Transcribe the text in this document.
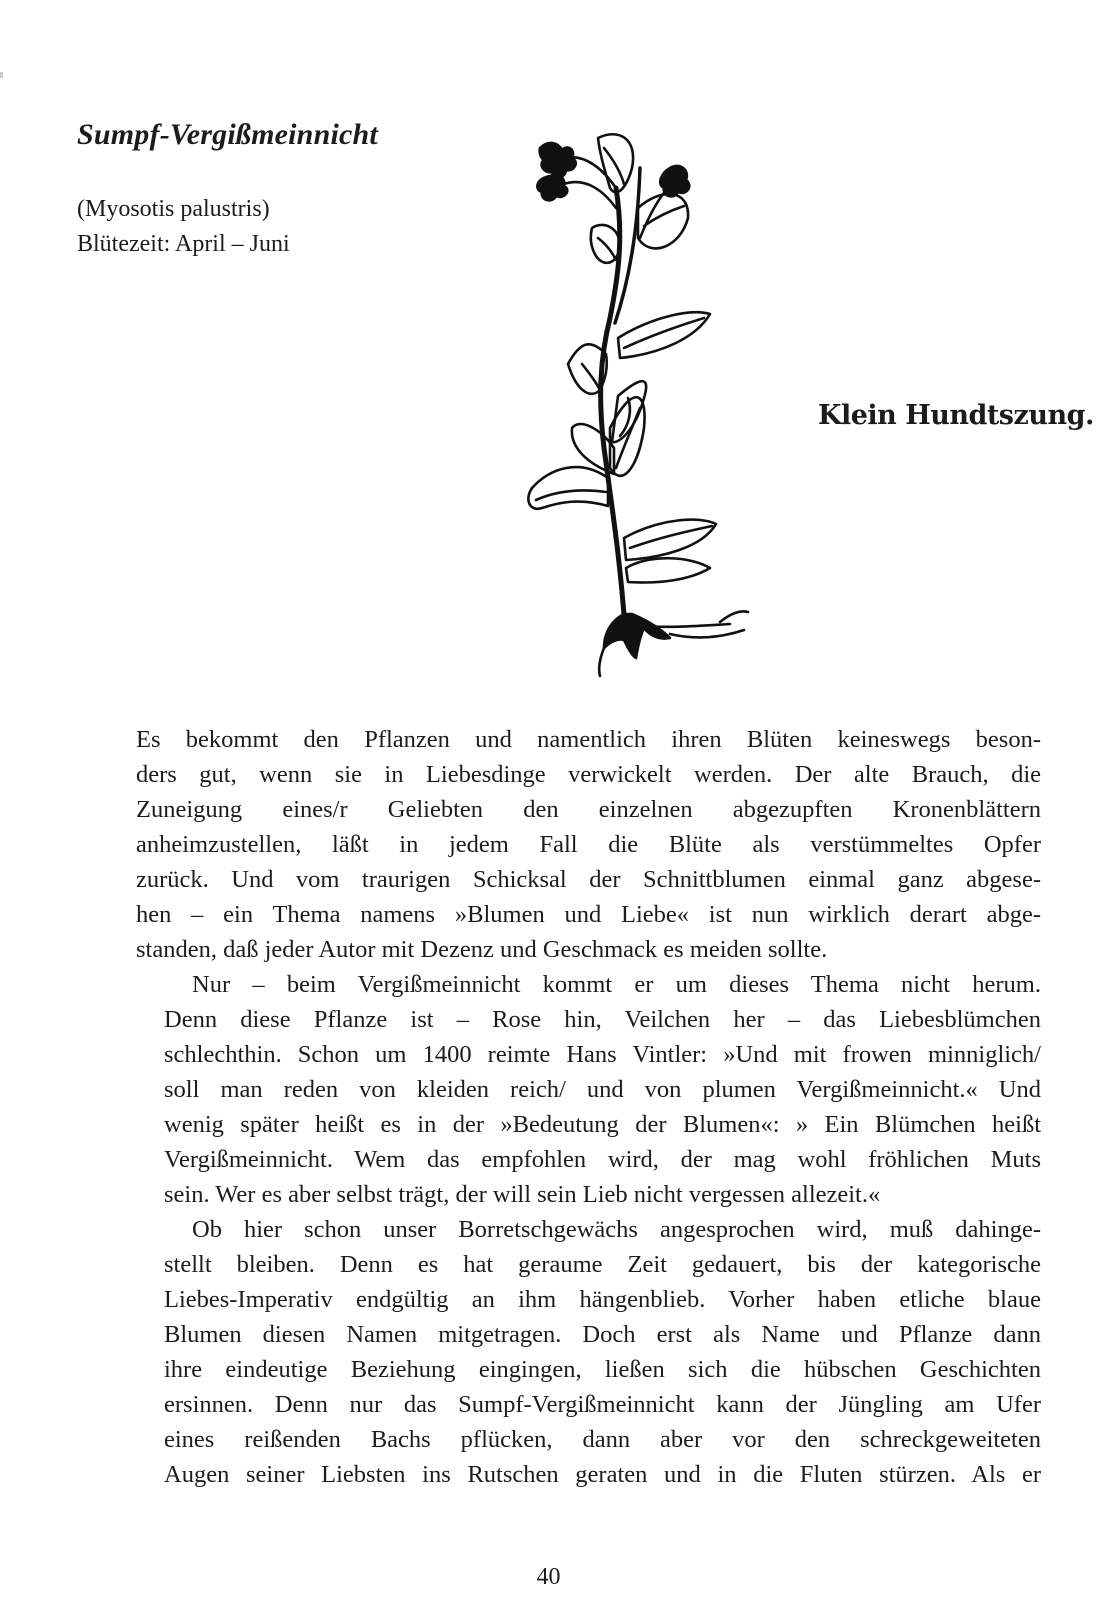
Sumpf-Vergißmeinnicht
(Myosotis palustris)
Blütezeit: April – Juni
Klein Hundtszung.

Es bekommt den Pflanzen und namentlich ihren Blüten keineswegs beson-
ders gut, wenn sie in Liebesdinge verwickelt werden. Der alte Brauch, die
Zuneigung eines/r Geliebten den einzelnen abgezupften Kronenblättern
anheimzustellen, läßt in jedem Fall die Blüte als verstümmeltes Opfer
zurück. Und vom traurigen Schicksal der Schnittblumen einmal ganz abgese-
hen – ein Thema namens »Blumen und Liebe« ist nun wirklich derart abge-
standen, daß jeder Autor mit Dezenz und Geschmack es meiden sollte.

Nur – beim Vergißmeinnicht kommt er um dieses Thema nicht herum.
Denn diese Pflanze ist – Rose hin, Veilchen her – das Liebesblümchen
schlechthin. Schon um 1400 reimte Hans Vintler: »Und mit frowen minniglich/
soll man reden von kleiden reich/ und von plumen Vergißmeinnicht.« Und
wenig später heißt es in der »Bedeutung der Blumen«: » Ein Blümchen heißt
Vergißmeinnicht. Wem das empfohlen wird, der mag wohl fröhlichen Muts
sein. Wer es aber selbst trägt, der will sein Lieb nicht vergessen allezeit.«

Ob hier schon unser Borretschgewächs angesprochen wird, muß dahinge-
stellt bleiben. Denn es hat geraume Zeit gedauert, bis der kategorische
Liebes-Imperativ endgültig an ihm hängenblieb. Vorher haben etliche blaue
Blumen diesen Namen mitgetragen. Doch erst als Name und Pflanze dann
ihre eindeutige Beziehung eingingen, ließen sich die hübschen Geschichten
ersinnen. Denn nur das Sumpf-Vergißmeinnicht kann der Jüngling am Ufer
eines reißenden Bachs pflücken, dann aber vor den schreckgeweiteten
Augen seiner Liebsten ins Rutschen geraten und in die Fluten stürzen. Als er

40
